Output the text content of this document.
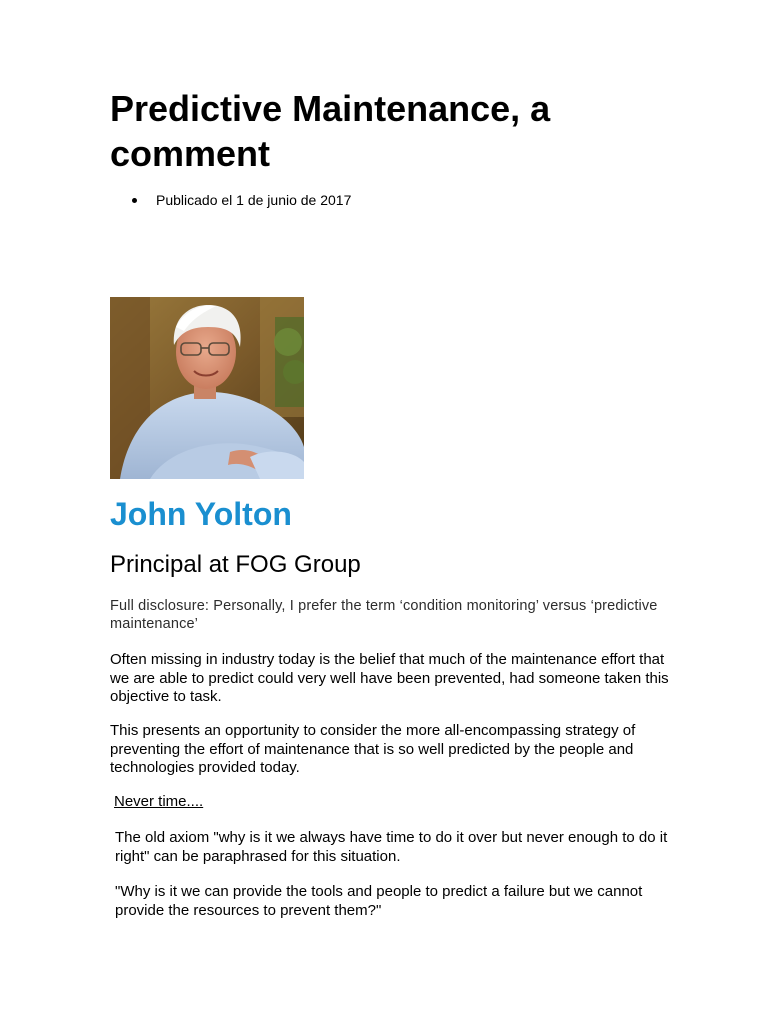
Predictive Maintenance, a comment
Publicado el 1 de junio de 2017
John Yolton
Principal at FOG Group

Full disclosure: Personally, I prefer the term ‘condition monitoring’ versus ‘predictive maintenance’

Often missing in industry today is the belief that much of the maintenance effort that we are able to predict could very well have been prevented, had someone taken this objective to task.

This presents an opportunity to consider the more all-encompassing strategy of preventing the effort of maintenance that is so well predicted by the people and technologies provided today.

Never time....

The old axiom "why is it we always have time to do it over but never enough to do it right" can be paraphrased for this situation.

"Why is it we can provide the tools and people to predict a failure but we cannot provide the resources to prevent them?"
